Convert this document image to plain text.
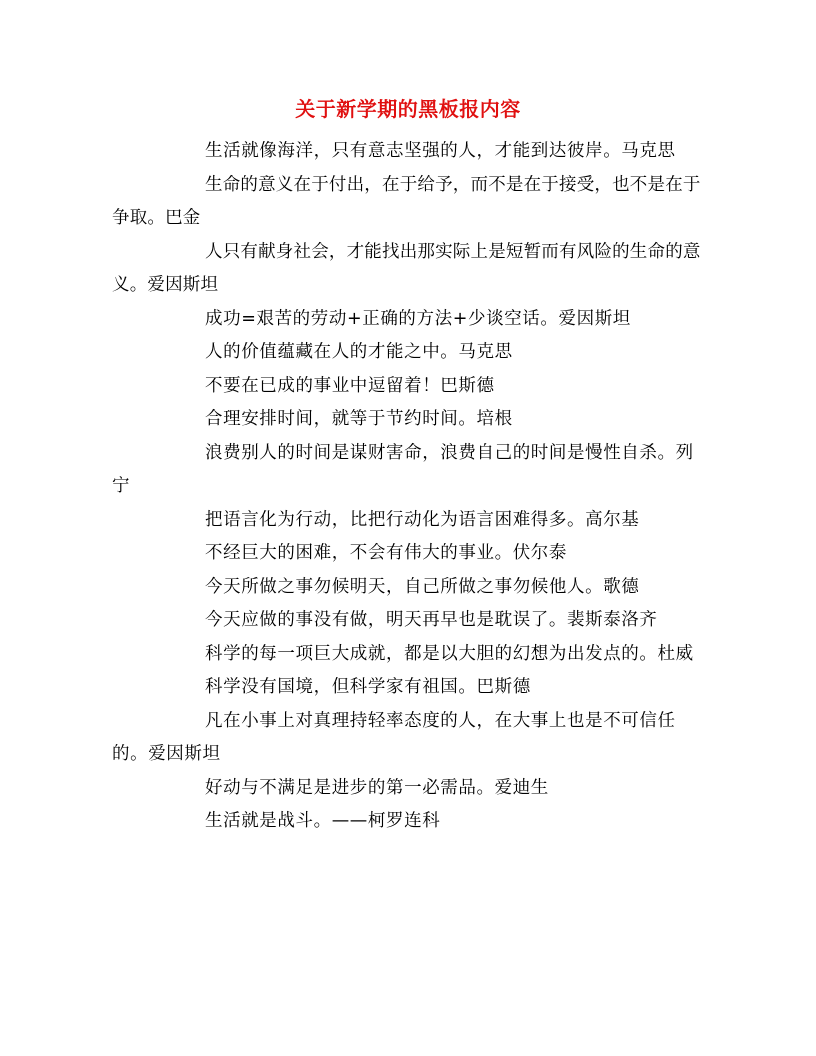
关于新学期的黑板报内容

生活就像海洋，只有意志坚强的人，才能到达彼岸。马克思

生命的意义在于付出，在于给予，而不是在于接受，也不是在于争取。巴金

人只有献身社会，才能找出那实际上是短暂而有风险的生命的意义。爱因斯坦

成功=艰苦的劳动+正确的方法+少谈空话。爱因斯坦

人的价值蕴藏在人的才能之中。马克思

不要在已成的事业中逗留着！巴斯德

合理安排时间，就等于节约时间。培根

浪费别人的时间是谋财害命，浪费自己的时间是慢性自杀。列宁

把语言化为行动，比把行动化为语言困难得多。高尔基

不经巨大的困难，不会有伟大的事业。伏尔泰

今天所做之事勿候明天，自己所做之事勿候他人。歌德

今天应做的事没有做，明天再早也是耽误了。裴斯泰洛齐

科学的每一项巨大成就，都是以大胆的幻想为出发点的。杜威

科学没有国境，但科学家有祖国。巴斯德

凡在小事上对真理持轻率态度的人，在大事上也是不可信任的。爱因斯坦

好动与不满足是进步的第一必需品。爱迪生

生活就是战斗。——柯罗连科
